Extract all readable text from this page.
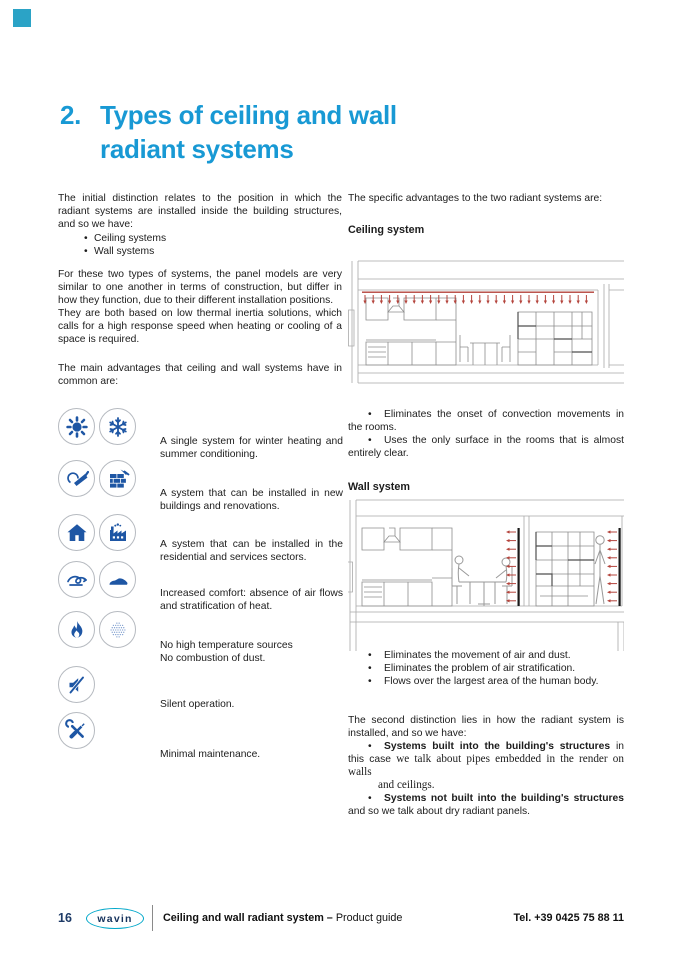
2. Types of ceiling and wall
radiant systems

The initial distinction relates to the position in which the radiant systems are installed inside the building structures, and so we have:

• Ceiling systems
• Wall systems

For these two types of systems, the panel models are very similar to one another in terms of construction, but differ in how they function, due to their different installation positions.

They are both based on low thermal inertia solutions, which calls for a high response speed when heating or cooling of a space is required.

The main advantages that ceiling and wall systems have in common are:

A single system for winter heating and summer conditioning.

A system that can be installed in new buildings and renovations.

A system that can be installed in the residential and services sectors.

Increased comfort: absence of air flows and stratification of heat.

No high temperature sources

No combustion of dust.

Silent operation.

Minimal maintenance.

The specific advantages to the two radiant systems are:

Ceiling system

• Eliminates the onset of convection movements in the rooms.

• Uses the only surface in the rooms that is almost entirely clear.

Wall system

• Eliminates the movement of air and dust.

• Eliminates the problem of air stratification.

• Flows over the largest area of the human body.

The second distinction lies in how the radiant system is installed, and so we have:

• Systems built into the building's structures in this case we talk about pipes embedded in the render on walls
and ceilings.

• Systems not built into the building's structures and so we talk about dry radiant panels.

16 wavin	Ceiling and wall radiant system – Product guide	Tel. +39 0425 75 88 11
